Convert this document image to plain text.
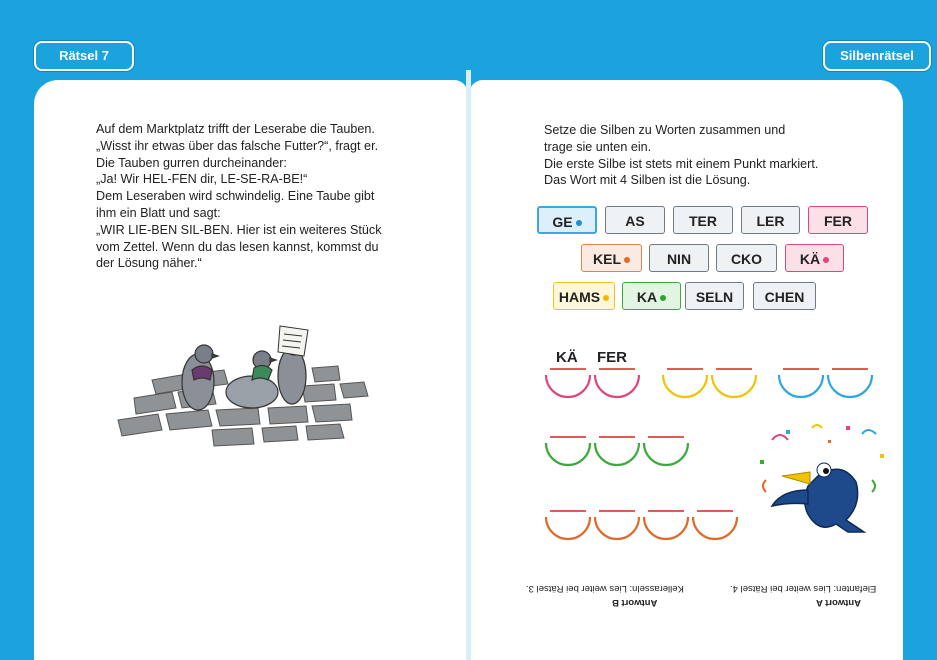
Rätsel 7	Silbenrätsel
Auf dem Marktplatz trifft der Leserabe die Tauben.
„Wisst ihr etwas über das falsche Futter?“, fragt er.
Die Tauben gurren durcheinander:
„Ja! Wir HEL-FEN dir, LE-SE-RA-BE!“
Dem Leseraben wird schwindelig. Eine Taube gibt
ihm ein Blatt und sagt:
„WIR LIE-BEN SIL-BEN. Hier ist ein weiteres Stück
vom Zettel. Wenn du das lesen kannst, kommst du
der Lösung näher.“
Setze die Silben zu Worten zusammen und
trage sie unten ein.
Die erste Silbe ist stets mit einem Punkt markiert.
Das Wort mit 4 Silben ist die Lösung.
GE	AS	TER	LER	FER
KEL	NIN	CKO	KÄ
HAMS	KA	SELN	CHEN
KÄ FER
Elefanten: Lies weiter bei Rätsel 4.
Antwort A
Kellerasseln: Lies weiter bei Rätsel 3.
Antwort B
